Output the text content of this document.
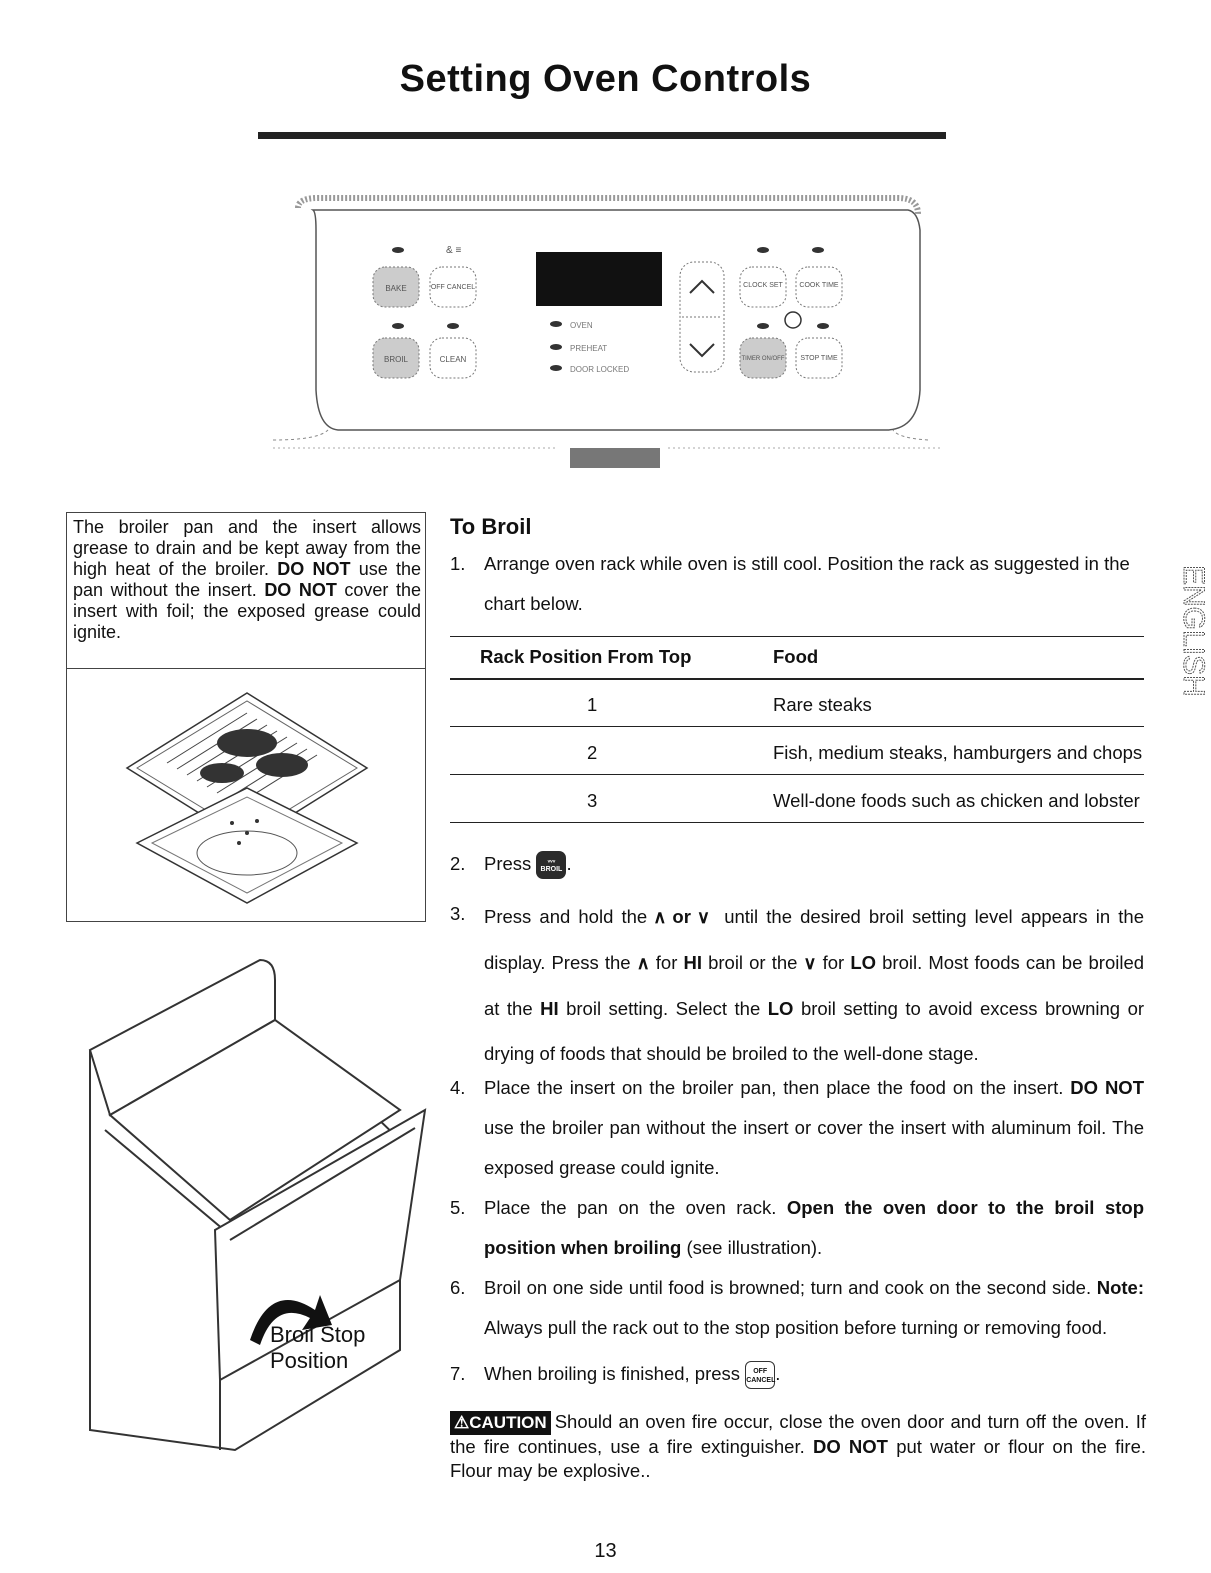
Setting Oven Controls
BAKE	OFF CANCEL
BROIL	CLEAN
& ≡
OVEN
PREHEAT
DOOR LOCKED
CLOCK SET COOK TIME
TIMER ON/OFF STOP TIME
The broiler pan and the insert allows grease to drain and be kept away from the high heat of the broiler. DO NOT use the pan without the insert. DO NOT cover the insert with foil; the exposed grease could ignite.
Broil Stop
Position
ENGLISH
To Broil
1. Arrange oven rack while oven is still cool. Position the rack as suggested in the chart below.
Rack Position From Top	Food
1	Rare steaks
2	Fish, medium steaks, hamburgers and chops
3	Well-done foods such as chicken and lobster
2. Press ᵥᵥᵥ
BROIL .
3. Press and hold the ∧ or ∨ until the desired broil setting level appears in the display. Press the ∧ for HI broil or the ∨ for LO broil. Most foods can be broiled at the HI broil setting. Select the LO broil setting to avoid excess browning or drying of foods that should be broiled to the well-done stage.
4. Place the insert on the broiler pan, then place the food on the insert. DO NOT use the broiler pan without the insert or cover the insert with aluminum foil. The exposed grease could ignite.
5. Place the pan on the oven rack. Open the oven door to the broil stop position when broiling (see illustration).
6. Broil on one side until food is browned; turn and cook on the second side. Note: Always pull the rack out to the stop position before turning or removing food.
7. When broiling is finished, press OFF
CANCEL.
⚠CAUTION Should an oven fire occur, close the oven door and turn off the oven. If the fire continues, use a fire extinguisher. DO NOT put water or flour on the fire. Flour may be explosive..
13
